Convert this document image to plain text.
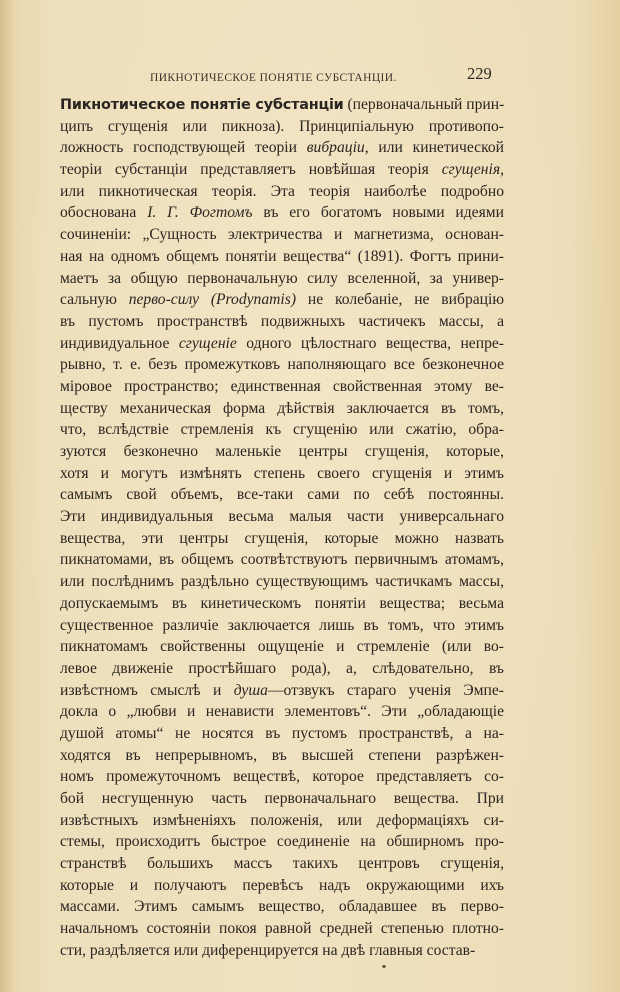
ПИКНОТИЧЕСКОЕ ПОНЯТІЕ СУБСТАНЦІИ.	229
Пикнотическое понятіе субстанціи (первоначальный прин-
ципъ сгущенія или пикноза). Принципіальную противопо-
ложность господствующей теоріи вибраціи, или кинетической
теоріи субстанціи представляетъ новѣйшая теорія сгущенія,
или пикнотическая теорія. Эта теорія наиболѣе подробно
обоснована І. Г. Фогтомъ въ его богатомъ новыми идеями
сочиненіи: „Сущность электричества и магнетизма, основан-
ная на одномъ общемъ понятіи вещества“ (1891). Фогтъ прини-
маетъ за общую первоначальную силу вселенной, за универ-
сальную перво-силу (Prodynamis) не колебаніе, не вибрацію
въ пустомъ пространствѣ подвижныхъ частичекъ массы, а
индивидуальное сгущеніе одного цѣлостнаго вещества, непре-
рывно, т. е. безъ промежутковъ наполняющаго все безконечное
міровое пространство; единственная свойственная этому ве-
ществу механическая форма дѣйствія заключается въ томъ,
что, вслѣдствіе стремленія къ сгущенію или сжатію, обра-
зуются безконечно маленькіе центры сгущенія, которые,
хотя и могутъ измѣнять степень своего сгущенія и этимъ
самымъ свой объемъ, все-таки сами по себѣ постоянны.
Эти индивидуальныя весьма малыя части универсальнаго
вещества, эти центры сгущенія, которые можно назвать
пикнатомами, въ общемъ соотвѣтствуютъ первичнымъ атомамъ,
или послѣднимъ раздѣльно существующимъ частичкамъ массы,
допускаемымъ въ кинетическомъ понятіи вещества; весьма
существенное различіе заключается лишь въ томъ, что этимъ
пикнатомамъ свойственны ощущеніе и стремленіе (или во-
левое движеніе простѣйшаго рода), а, слѣдовательно, въ
извѣстномъ смыслѣ и душа—отзвукъ стараго ученія Эмпе-
докла о „любви и ненависти элементовъ“. Эти „обладающіе
душой атомы“ не носятся въ пустомъ пространствѣ, а на-
ходятся въ непрерывномъ, въ высшей степени разрѣжен-
номъ промежуточномъ веществѣ, которое представляетъ со-
бой несгущенную часть первоначальнаго вещества. При
извѣстныхъ измѣненіяхъ положенія, или деформаціяхъ си-
стемы, происходитъ быстрое соединеніе на обширномъ про-
странствѣ большихъ массъ такихъ центровъ сгущенія,
которые и получаютъ перевѣсъ надъ окружающими ихъ
массами. Этимъ самымъ вещество, обладавшее въ перво-
начальномъ состояніи покоя равной средней степенью плотно-
сти, раздѣляется или диференцируется на двѣ главныя состав-
